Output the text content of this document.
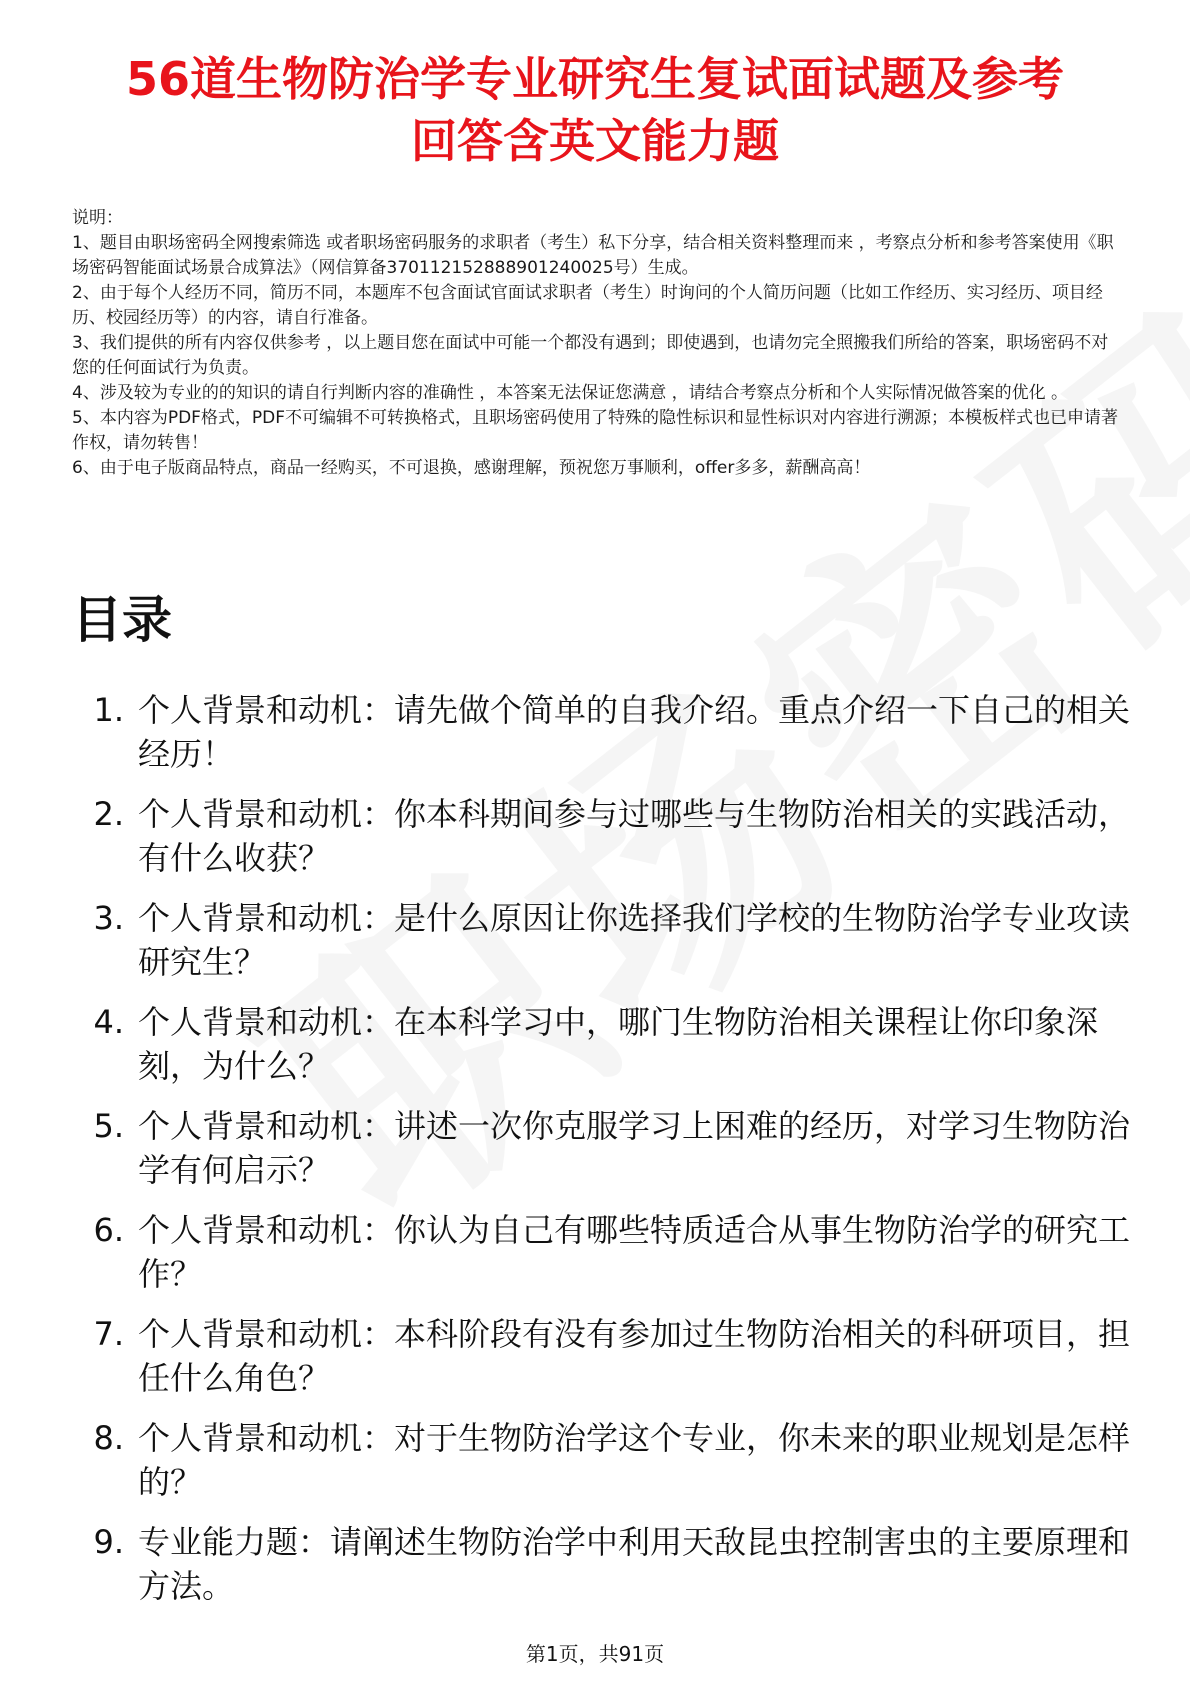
56道生物防治学专业研究生复试面试题及参考
回答含英文能力题

说明：

1、题目由职场密码全网搜索筛选 或者职场密码服务的求职者（考生）私下分享，结合相关资料整理而来 ，考察点分析和参考答案使用《职场密码智能面试场景合成算法》（网信算备370112152888901240025号）生成。

2、由于每个人经历不同，简历不同，本题库不包含面试官面试求职者（考生）时询问的个人简历问题（比如工作经历、实习经历、项目经历、校园经历等）的内容，请自行准备。

3、我们提供的所有内容仅供参考 ，以上题目您在面试中可能一个都没有遇到；即使遇到，也请勿完全照搬我们所给的答案，职场密码不对您的任何面试行为负责。

4、涉及较为专业的的知识的请自行判断内容的准确性 ，本答案无法保证您满意 ，请结合考察点分析和个人实际情况做答案的优化 。

5、本内容为PDF格式，PDF不可编辑不可转换格式，且职场密码使用了特殊的隐性标识和显性标识对内容进行溯源；本模板样式也已申请著作权，请勿转售！

6、由于电子版商品特点，商品一经购买，不可退换，感谢理解，预祝您万事顺利，offer多多，薪酬高高！

目录
1. 个人背景和动机：请先做个简单的自我介绍。重点介绍一下自己的相关经历！
2. 个人背景和动机：你本科期间参与过哪些与生物防治相关的实践活动，有什么收获？
3. 个人背景和动机：是什么原因让你选择我们学校的生物防治学专业攻读研究生？
4. 个人背景和动机：在本科学习中，哪门生物防治相关课程让你印象深刻，为什么？
5. 个人背景和动机：讲述一次你克服学习上困难的经历，对学习生物防治学有何启示？
6. 个人背景和动机：你认为自己有哪些特质适合从事生物防治学的研究工作？
7. 个人背景和动机：本科阶段有没有参加过生物防治相关的科研项目，担任什么角色？
8. 个人背景和动机：对于生物防治学这个专业，你未来的职业规划是怎样的？
9. 专业能力题：请阐述生物防治学中利用天敌昆虫控制害虫的主要原理和方法。
第1页，共91页
